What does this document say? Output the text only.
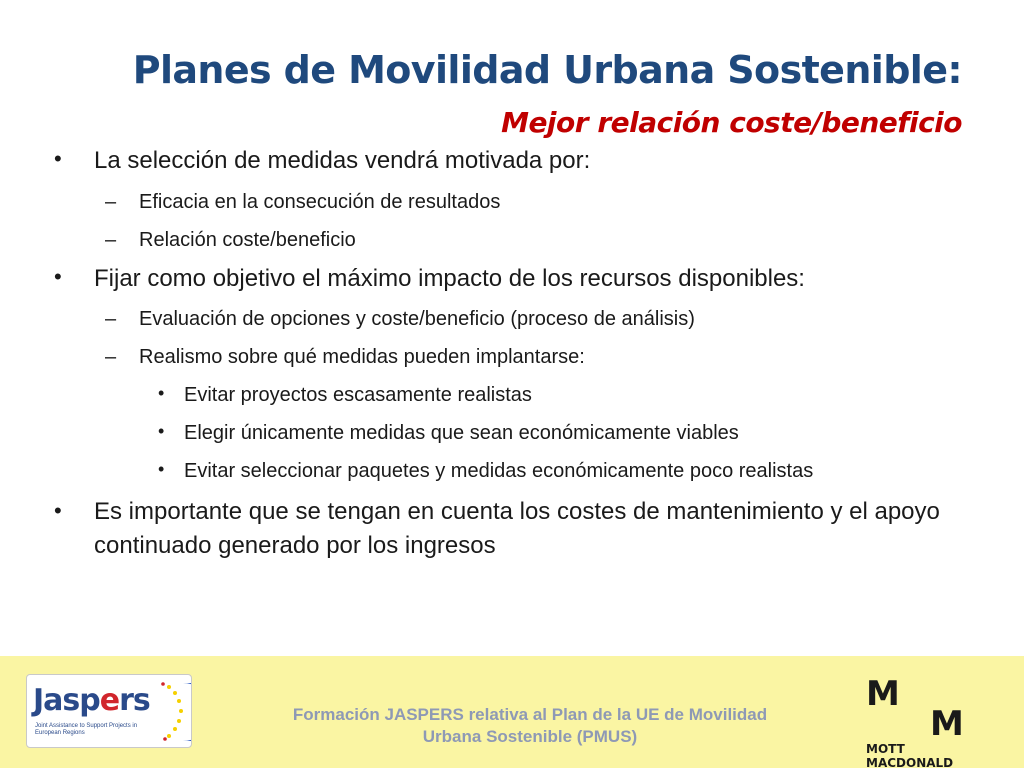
Planes de Movilidad Urbana Sostenible:
Mejor relación coste/beneficio
• La selección de medidas vendrá motivada por:
– Eficacia en la consecución de resultados
– Relación coste/beneficio
• Fijar como objetivo el máximo impacto de los recursos disponibles:
– Evaluación de opciones y coste/beneficio (proceso de análisis)
– Realismo sobre qué medidas pueden implantarse:
• Evitar proyectos escasamente realistas
• Elegir únicamente medidas que sean económicamente viables
• Evitar seleccionar paquetes y medidas económicamente poco realistas
• Es importante que se tengan en cuenta los costes de mantenimiento y el apoyo continuado generado por los ingresos
Jaspers
Joint Assistance to Support Projects in European Regions
Formación JASPERS relativa al Plan de la UE de Movilidad
Urbana Sostenible (PMUS)
M
M
MOTT
MACDONALD
